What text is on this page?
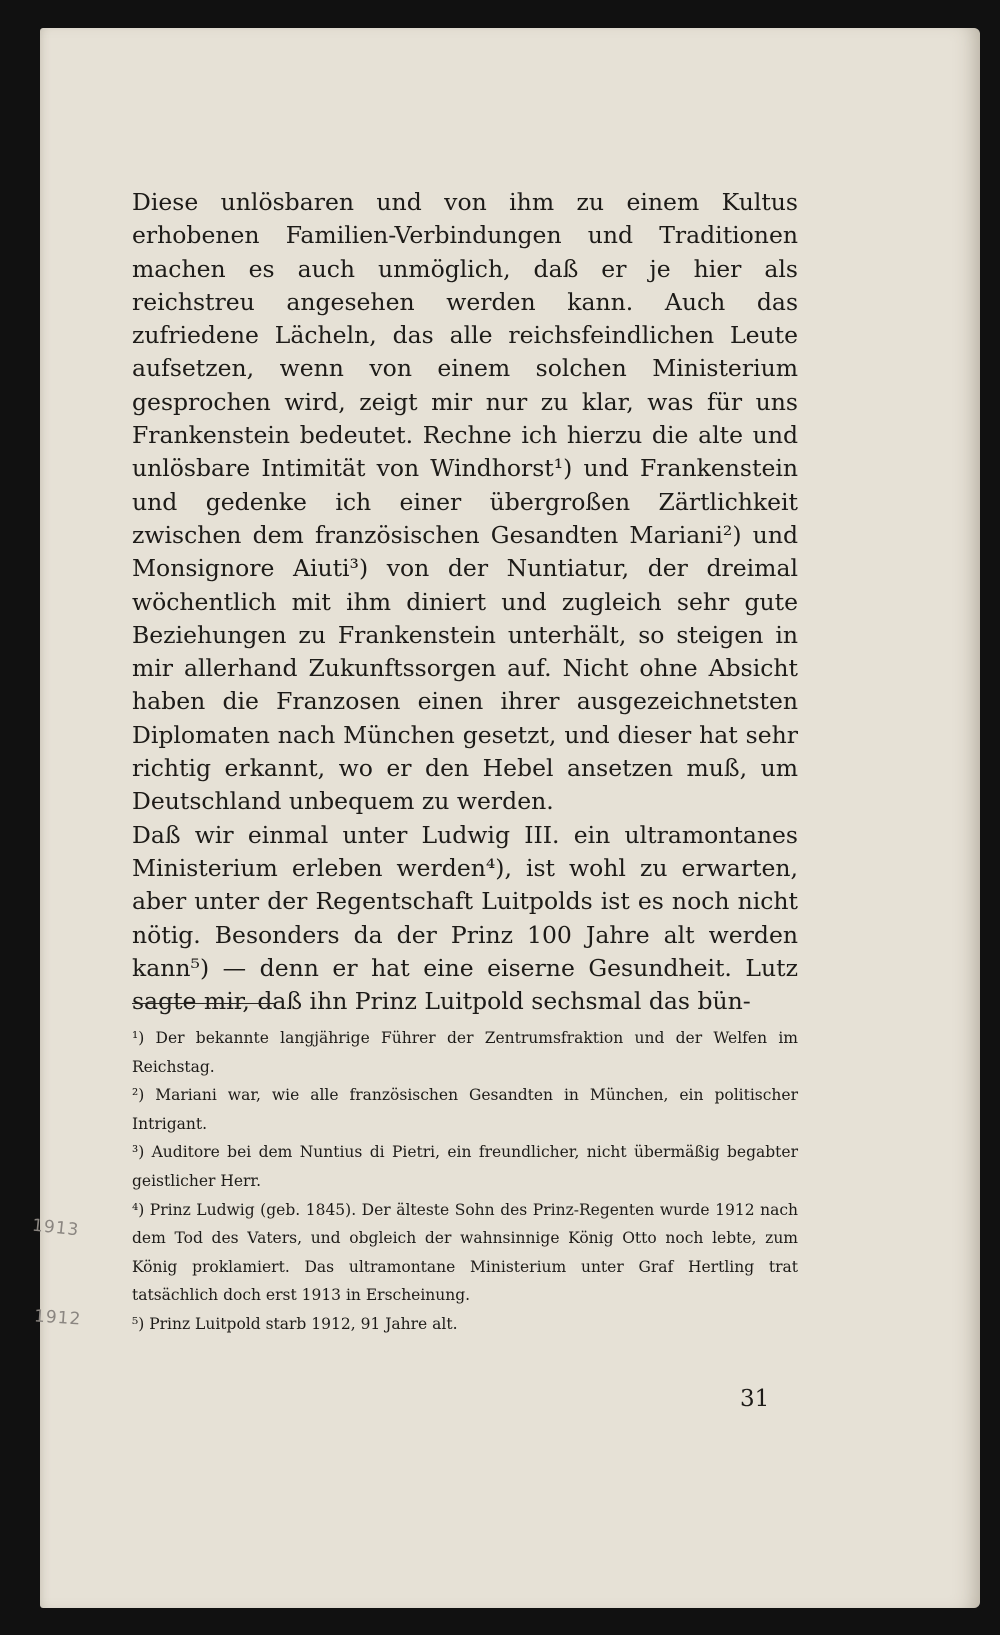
Diese unlösbaren und von ihm zu einem Kultus erhobenen Familien-Verbindungen und Traditionen machen es auch unmöglich, daß er je hier als reichstreu angesehen werden kann. Auch das zufriedene Lächeln, das alle reichsfeindlichen Leute aufsetzen, wenn von einem solchen Ministerium gesprochen wird, zeigt mir nur zu klar, was für uns Frankenstein bedeutet. Rechne ich hierzu die alte und unlösbare Intimität von Windhorst¹) und Frankenstein und gedenke ich einer übergroßen Zärtlichkeit zwischen dem französischen Gesandten Mariani²) und Monsignore Aiuti³) von der Nuntiatur, der dreimal wöchentlich mit ihm diniert und zugleich sehr gute Beziehungen zu Frankenstein unterhält, so steigen in mir allerhand Zukunftssorgen auf. Nicht ohne Absicht haben die Franzosen einen ihrer ausgezeichnetsten Diplomaten nach München gesetzt, und dieser hat sehr richtig erkannt, wo er den Hebel ansetzen muß, um Deutschland unbequem zu werden.

Daß wir einmal unter Ludwig III. ein ultramontanes Ministerium erleben werden⁴), ist wohl zu erwarten, aber unter der Regentschaft Luitpolds ist es noch nicht nötig. Besonders da der Prinz 100 Jahre alt werden kann⁵) — denn er hat eine eiserne Gesundheit. Lutz sagte mir, daß ihn Prinz Luitpold sechsmal das bün-

¹) Der bekannte langjährige Führer der Zentrumsfraktion und der Welfen im Reichstag.

²) Mariani war, wie alle französischen Gesandten in München, ein politischer Intrigant.

³) Auditore bei dem Nuntius di Pietri, ein freundlicher, nicht übermäßig begabter geistlicher Herr.

⁴) Prinz Ludwig (geb. 1845). Der älteste Sohn des Prinz-Regenten wurde 1912 nach dem Tod des Vaters, und obgleich der wahnsinnige König Otto noch lebte, zum König proklamiert. Das ultramontane Ministerium unter Graf Hertling trat tatsächlich doch erst 1913 in Erscheinung.

⁵) Prinz Luitpold starb 1912, 91 Jahre alt.

1913
1912
31
